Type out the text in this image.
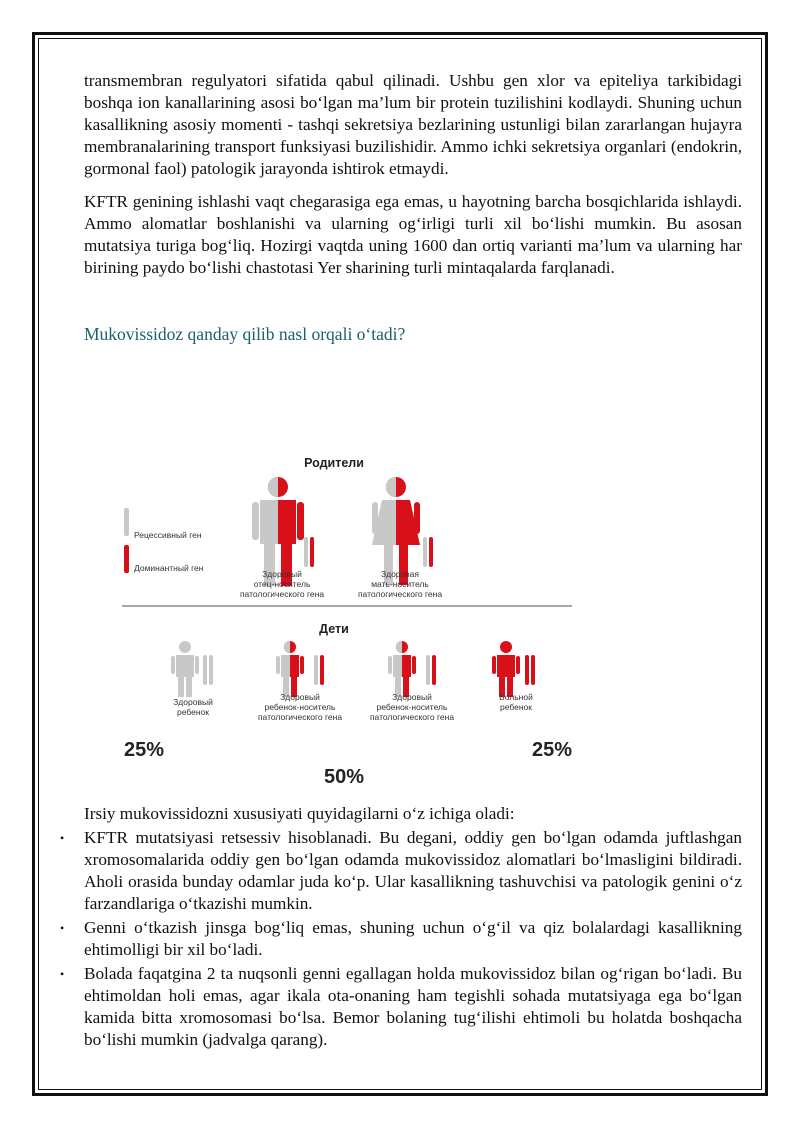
transmembran regulyatori sifatida qabul qilinadi. Ushbu gen xlor va epiteliya tarkibidagi boshqa ion kanallarining asosi bo‘lgan ma’lum bir protein tuzilishini kodlaydi. Shuning uchun kasallikning asosiy momenti - tashqi sekretsiya bezlarining ustunligi bilan zararlangan hujayra membranalarining transport funksiyasi buzilishidir. Ammo ichki sekretsiya organlari (endokrin, gormonal faol) patologik jarayonda ishtirok etmaydi.

KFTR genining ishlashi vaqt chegarasiga ega emas, u hayotning barcha bosqichlarida ishlaydi. Ammo alomatlar boshlanishi va ularning og‘irligi turli xil bo‘lishi mumkin. Bu asosan mutatsiya turiga bog‘liq. Hozirgi vaqtda uning 1600 dan ortiq varianti ma’lum va ularning har birining paydo bo‘lishi chastotasi Yer sharining turli mintaqalarda farqlanadi.

Mukovissidoz qanday qilib nasl orqali o‘tadi?
Родители
Рецессивный ген
Доминантный ген
Здоровый
отец-носитель
патологического гена
Здоровая
мать-носитель
патологического гена
Дети
Здоровый
ребенок
Здоровый
ребенок-носитель
патологического гена
Здоровый
ребенок-носитель
патологического гена
Больной
ребенок
25%
50%
25%

Irsiy mukovissidozni xususiyati quyidagilarni o‘z ichiga oladi:

• KFTR mutatsiyasi retsessiv hisoblanadi. Bu degani, oddiy gen bo‘lgan odamda juftlashgan xromosomalarida oddiy gen bo‘lgan odamda mukovissidoz alomatlari bo‘lmasligini bildiradi. Aholi orasida bunday odamlar juda ko‘p. Ular kasallikning tashuvchisi va patologik genini o‘z farzandlariga o‘tkazishi mumkin.
• Genni o‘tkazish jinsga bog‘liq emas, shuning uchun o‘g‘il va qiz bolalardagi kasallikning ehtimolligi bir xil bo‘ladi.
• Bolada faqatgina 2 ta nuqsonli genni egallagan holda mukovissidoz bilan og‘rigan bo‘ladi. Bu ehtimoldan holi emas, agar ikala ota-onaning ham tegishli sohada mutatsiyaga ega bo‘lgan kamida bitta xromosomasi bo‘lsa. Bemor bolaning tug‘ilishi ehtimoli bu holatda boshqacha bo‘lishi mumkin (jadvalga qarang).
